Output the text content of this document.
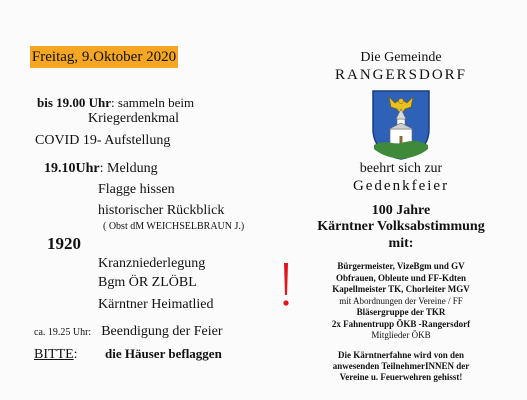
Freitag, 9.Oktober 2020
bis 19.00 Uhr: sammeln beim
Kriegerdenkmal
COVID 19- Aufstellung
19.10Uhr: Meldung
Flagge hissen
historischer Rückblick
( Obst dM WEICHSELBRAUN J.)
1920
Kranzniederlegung
Bgm ÖR ZLÖBL
Kärntner Heimatlied
ca. 19.25 Uhr: Beendigung der Feier
BITTE: die Häuser beflaggen
Die Gemeinde
RANGERSDORF
beehrt sich zur
Gedenkfeier
100 Jahre
Kärntner Volksabstimmung
mit:
Bürgermeister, VizeBgm und GV
Obfrauen, Obleute und FF-Kdten
Kapellmeister TK, Chorleiter MGV
mit Abordnungen der Vereine / FF
Bläsergruppe der TKR
2x Fahnentrupp ÖKB -Rangersdorf
Mitglieder ÖKB
Die Kärntnerfahne wird von den
anwesenden TeilnehmerINNEN der
Vereine u. Feuerwehren gehisst!
